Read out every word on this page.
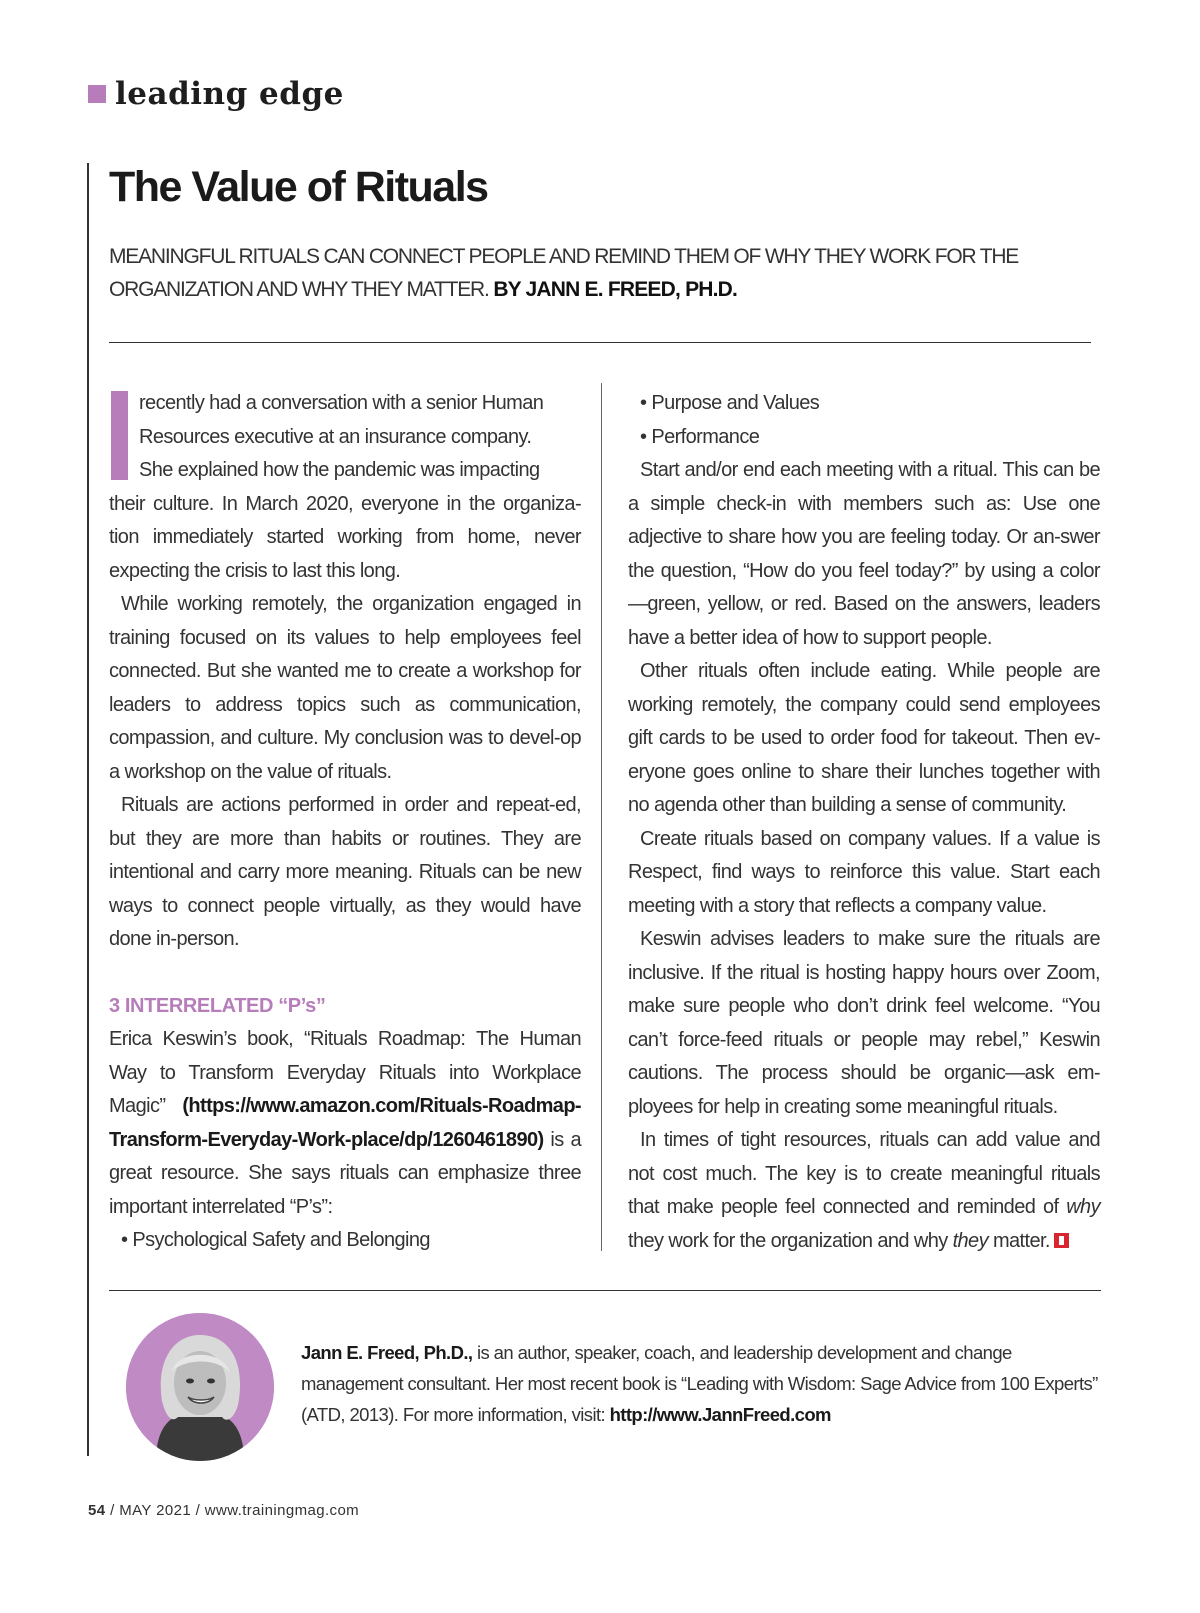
leading edge
The Value of Rituals

MEANINGFUL RITUALS CAN CONNECT PEOPLE AND REMIND THEM OF WHY THEY WORK FOR THE ORGANIZATION AND WHY THEY MATTER. BY JANN E. FREED, PH.D.

recently had a conversation with a senior Human

Resources executive at an insurance company.

She explained how the pandemic was impacting

their culture. In March 2020, everyone in the organiza-tion immediately started working from home, never expecting the crisis to last this long.

While working remotely, the organization engaged in training focused on its values to help employees feel connected. But she wanted me to create a workshop for leaders to address topics such as communication, compassion, and culture. My conclusion was to devel-op a workshop on the value of rituals.

Rituals are actions performed in order and repeat-ed, but they are more than habits or routines. They are intentional and carry more meaning. Rituals can be new ways to connect people virtually, as they would have done in-person.

3 INTERRELATED “P’s”

Erica Keswin’s book, “Rituals Roadmap: The Human Way to Transform Everyday Rituals into Workplace Magic” (https://www.amazon.com/Rituals-Roadmap-Transform-Everyday-Work-place/dp/1260461890) is a great resource. She says rituals can emphasize three important interrelated “P’s”:

• Psychological Safety and Belonging

• Purpose and Values

• Performance

Start and/or end each meeting with a ritual. This can be a simple check-in with members such as: Use one adjective to share how you are feeling today. Or an-swer the question, “How do you feel today?” by using a color—green, yellow, or red. Based on the answers, leaders have a better idea of how to support people.

Other rituals often include eating. While people are working remotely, the company could send employees gift cards to be used to order food for takeout. Then ev-eryone goes online to share their lunches together with no agenda other than building a sense of community.

Create rituals based on company values. If a value is Respect, find ways to reinforce this value. Start each meeting with a story that reflects a company value.

Keswin advises leaders to make sure the rituals are inclusive. If the ritual is hosting happy hours over Zoom, make sure people who don’t drink feel welcome. “You can’t force-feed rituals or people may rebel,” Keswin cautions. The process should be organic—ask em-ployees for help in creating some meaningful rituals.

In times of tight resources, rituals can add value and not cost much. The key is to create meaningful rituals that make people feel connected and reminded of why they work for the organization and why they matter.

Jann E. Freed, Ph.D., is an author, speaker, coach, and leadership development and change management consultant. Her most recent book is “Leading with Wisdom: Sage Advice from 100 Experts” (ATD, 2013). For more information, visit: http://www.JannFreed.com

54 / MAY 2021 / www.trainingmag.com
